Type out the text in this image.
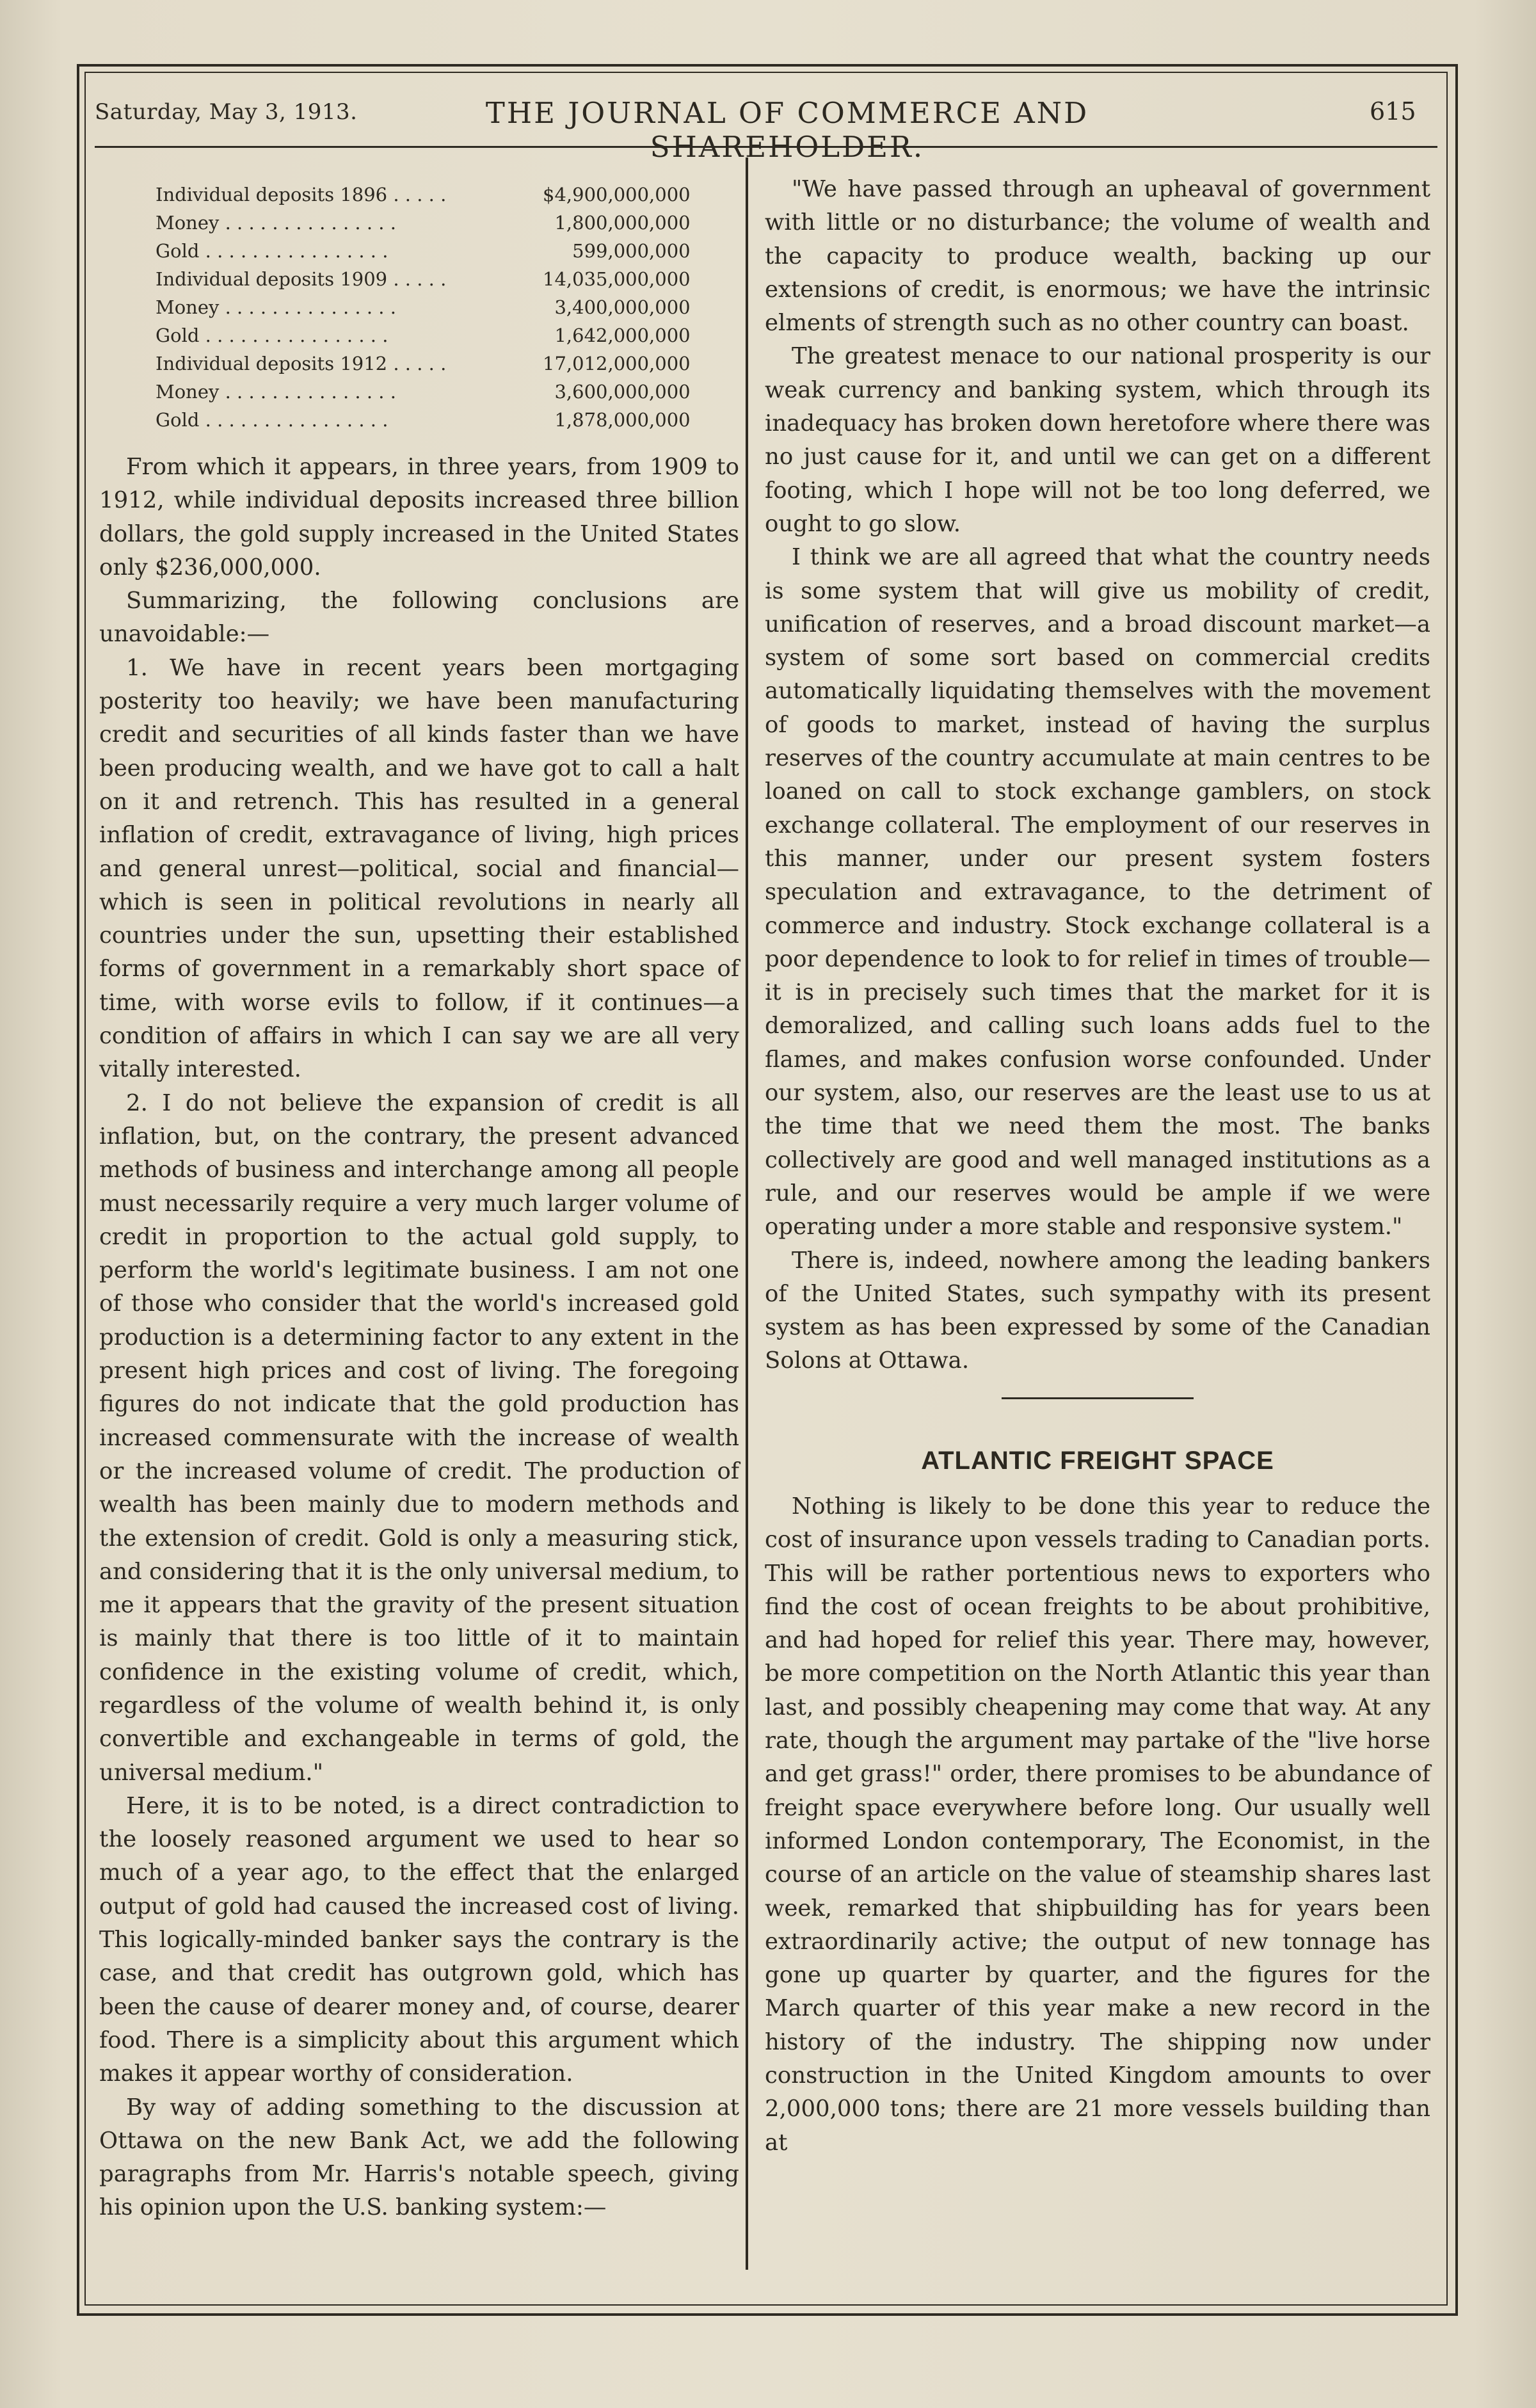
Saturday, May 3, 1913.	THE JOURNAL OF COMMERCE AND SHAREHOLDER.
615
Individual deposits 1896 . . . . .	$4,900,000,000
Money . . . . . . . . . . . . . . .	1,800,000,000
Gold . . . . . . . . . . . . . . . .	599,000,000
Individual deposits 1909 . . . . .	14,035,000,000
Money . . . . . . . . . . . . . . .	3,400,000,000
Gold . . . . . . . . . . . . . . . .	1,642,000,000
Individual deposits 1912 . . . . .	17,012,000,000
Money . . . . . . . . . . . . . . .	3,600,000,000
Gold . . . . . . . . . . . . . . . .	1,878,000,000

From which it appears, in three years, from 1909 to 1912, while individual deposits increased three billion dollars, the gold supply increased in the United States only $236,000,000.

Summarizing, the following conclusions are unavoidable:—

1. We have in recent years been mortgaging posterity too heavily; we have been manufacturing credit and securities of all kinds faster than we have been producing wealth, and we have got to call a halt on it and retrench. This has resulted in a general inflation of credit, extravagance of living, high prices and general unrest—political, social and financial—which is seen in political revolutions in nearly all countries under the sun, upsetting their established forms of government in a remarkably short space of time, with worse evils to follow, if it continues—a condition of affairs in which I can say we are all very vitally interested.

2. I do not believe the expansion of credit is all inflation, but, on the contrary, the present advanced methods of business and interchange among all people must necessarily require a very much larger volume of credit in proportion to the actual gold supply, to perform the world's legitimate business. I am not one of those who consider that the world's increased gold production is a determining factor to any extent in the present high prices and cost of living. The foregoing figures do not indicate that the gold production has increased commensurate with the increase of wealth or the increased volume of credit. The production of wealth has been mainly due to modern methods and the extension of credit. Gold is only a measuring stick, and considering that it is the only universal medium, to me it appears that the gravity of the present situation is mainly that there is too little of it to maintain confidence in the existing volume of credit, which, regardless of the volume of wealth behind it, is only convertible and exchangeable in terms of gold, the universal medium."

Here, it is to be noted, is a direct contradiction to the loosely reasoned argument we used to hear so much of a year ago, to the effect that the enlarged output of gold had caused the increased cost of living. This logically-minded banker says the contrary is the case, and that credit has outgrown gold, which has been the cause of dearer money and, of course, dearer food. There is a simplicity about this argument which makes it appear worthy of consideration.

By way of adding something to the discussion at Ottawa on the new Bank Act, we add the following paragraphs from Mr. Harris's notable speech, giving his opinion upon the U.S. banking system:—

"We have passed through an upheaval of government with little or no disturbance; the volume of wealth and the capacity to produce wealth, backing up our extensions of credit, is enormous; we have the intrinsic elments of strength such as no other country can boast.

The greatest menace to our national prosperity is our weak currency and banking system, which through its inadequacy has broken down heretofore where there was no just cause for it, and until we can get on a different footing, which I hope will not be too long deferred, we ought to go slow.

I think we are all agreed that what the country needs is some system that will give us mobility of credit, unification of reserves, and a broad discount market—a system of some sort based on commercial credits automatically liquidating themselves with the movement of goods to market, instead of having the surplus reserves of the country accumulate at main centres to be loaned on call to stock exchange gamblers, on stock exchange collateral. The employment of our reserves in this manner, under our present system fosters speculation and extravagance, to the detriment of commerce and industry. Stock exchange collateral is a poor dependence to look to for relief in times of trouble—it is in precisely such times that the market for it is demoralized, and calling such loans adds fuel to the flames, and makes confusion worse confounded. Under our system, also, our reserves are the least use to us at the time that we need them the most. The banks collectively are good and well managed institutions as a rule, and our reserves would be ample if we were operating under a more stable and responsive system."

There is, indeed, nowhere among the leading bankers of the United States, such sympathy with its present system as has been expressed by some of the Canadian Solons at Ottawa.

ATLANTIC FREIGHT SPACE

Nothing is likely to be done this year to reduce the cost of insurance upon vessels trading to Canadian ports. This will be rather portentious news to exporters who find the cost of ocean freights to be about prohibitive, and had hoped for relief this year. There may, however, be more competition on the North Atlantic this year than last, and possibly cheapening may come that way. At any rate, though the argument may partake of the "live horse and get grass!" order, there promises to be abundance of freight space everywhere before long. Our usually well informed London contemporary, The Economist, in the course of an article on the value of steamship shares last week, remarked that shipbuilding has for years been extraordinarily active; the output of new tonnage has gone up quarter by quarter, and the figures for the March quarter of this year make a new record in the history of the industry. The shipping now under construction in the United Kingdom amounts to over 2,000,000 tons; there are 21 more vessels building than at
